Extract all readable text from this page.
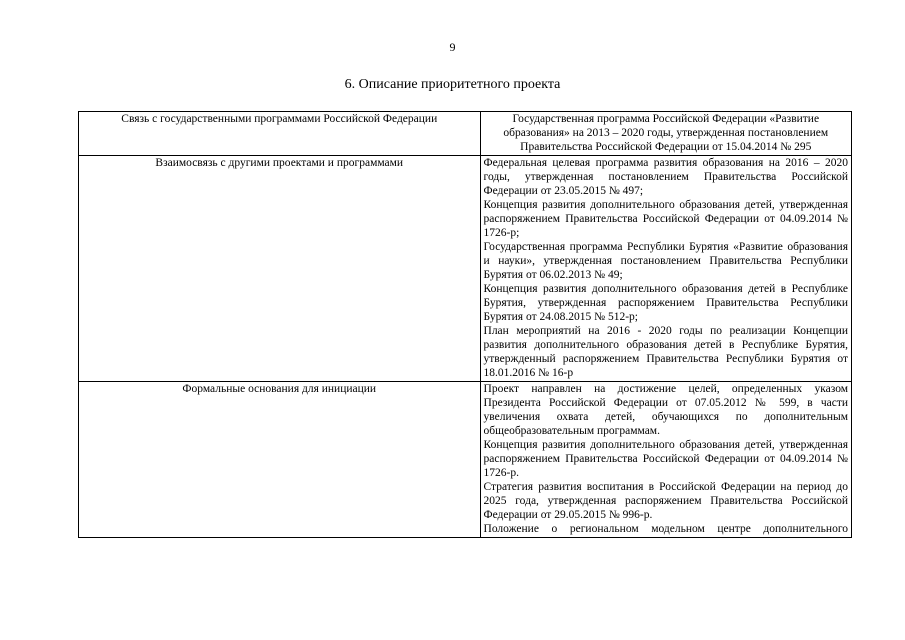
9
6. Описание приоритетного проекта
Связь с государственными программами Российской Федерации	Государственная программа Российской Федерации «Развитие образования» на 2013 – 2020 годы, утвержденная постановлением Правительства Российской Федерации от 15.04.2014 № 295

Взаимосвязь с другими проектами и программами	Федеральная целевая программа развития образования на 2016 – 2020 годы, утвержденная постановлением Правительства Российской Федерации от 23.05.2015 № 497;
Концепция развития дополнительного образования детей, утвержденная распоряжением Правительства Российской Федерации от 04.09.2014 № 1726-р;
Государственная программа Республики Бурятия «Развитие образования и науки», утвержденная постановлением Правительства Республики Бурятия от 06.02.2013 № 49;
Концепция развития дополнительного образования детей в Республике Бурятия, утвержденная распоряжением Правительства Республики Бурятия от 24.08.2015 № 512-р;
План мероприятий на 2016 - 2020 годы по реализации Концепции развития дополнительного образования детей в Республике Бурятия, утвержденный распоряжением Правительства Республики Бурятия от 18.01.2016 № 16-р

Формальные основания для инициации	Проект направлен на достижение целей, определенных указом Президента Российской Федерации от 07.05.2012 № 599, в части увеличения охвата детей, обучающихся по дополнительным общеобразовательным программам.
Концепция развития дополнительного образования детей, утвержденная распоряжением Правительства Российской Федерации от 04.09.2014 № 1726-р.
Стратегия развития воспитания в Российской Федерации на период до 2025 года, утвержденная распоряжением Правительства Российской Федерации от 29.05.2015 № 996-р.
Положение о региональном модельном центре дополнительного
